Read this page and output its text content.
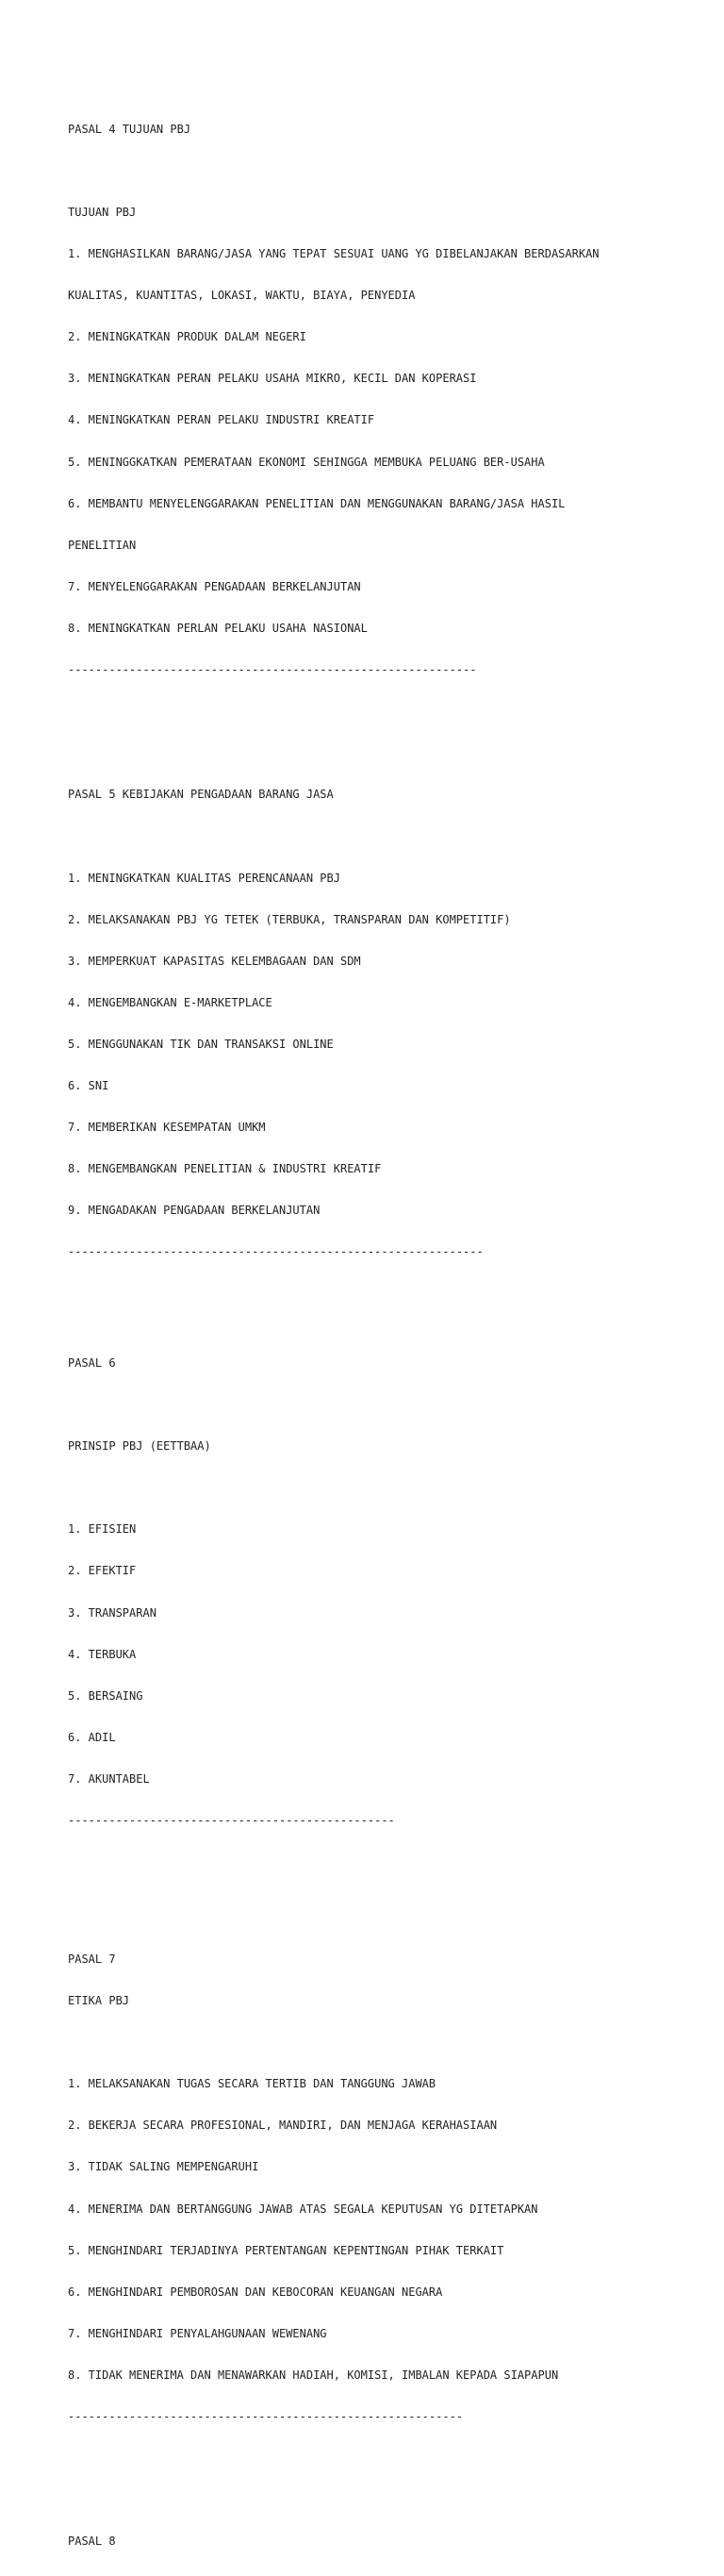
PASAL 4 TUJUAN PBJ

TUJUAN PBJ

1. MENGHASILKAN BARANG/JASA YANG TEPAT SESUAI UANG YG DIBELANJAKAN BERDASARKAN

KUALITAS, KUANTITAS, LOKASI, WAKTU, BIAYA, PENYEDIA

2. MENINGKATKAN PRODUK DALAM NEGERI

3. MENINGKATKAN PERAN PELAKU USAHA MIKRO, KECIL DAN KOPERASI

4. MENINGKATKAN PERAN PELAKU INDUSTRI KREATIF

5. MENINGGKATKAN PEMERATAAN EKONOMI SEHINGGA MEMBUKA PELUANG BER-USAHA

6. MEMBANTU MENYELENGGARAKAN PENELITIAN DAN MENGGUNAKAN BARANG/JASA HASIL

PENELITIAN

7. MENYELENGGARAKAN PENGADAAN BERKELANJUTAN

8. MENINGKATKAN PERLAN PELAKU USAHA NASIONAL

------------------------------------------------------------

PASAL 5 KEBIJAKAN PENGADAAN BARANG JASA

1. MENINGKATKAN KUALITAS PERENCANAAN PBJ

2. MELAKSANAKAN PBJ YG TETEK (TERBUKA, TRANSPARAN DAN KOMPETITIF)

3. MEMPERKUAT KAPASITAS KELEMBAGAAN DAN SDM

4. MENGEMBANGKAN E-MARKETPLACE

5. MENGGUNAKAN TIK DAN TRANSAKSI ONLINE

6. SNI

7. MEMBERIKAN KESEMPATAN UMKM

8. MENGEMBANGKAN PENELITIAN & INDUSTRI KREATIF

9. MENGADAKAN PENGADAAN BERKELANJUTAN

-------------------------------------------------------------

PASAL 6

PRINSIP PBJ (EETTBAA)

1. EFISIEN

2. EFEKTIF

3. TRANSPARAN

4. TERBUKA

5. BERSAING

6. ADIL

7. AKUNTABEL

------------------------------------------------

PASAL 7

ETIKA PBJ

1. MELAKSANAKAN TUGAS SECARA TERTIB DAN TANGGUNG JAWAB

2. BEKERJA SECARA PROFESIONAL, MANDIRI, DAN MENJAGA KERAHASIAAN

3. TIDAK SALING MEMPENGARUHI

4. MENERIMA DAN BERTANGGUNG JAWAB ATAS SEGALA KEPUTUSAN YG DITETAPKAN

5. MENGHINDARI TERJADINYA PERTENTANGAN KEPENTINGAN PIHAK TERKAIT

6. MENGHINDARI PEMBOROSAN DAN KEBOCORAN KEUANGAN NEGARA

7. MENGHINDARI PENYALAHGUNAAN WEWENANG

8. TIDAK MENERIMA DAN MENAWARKAN HADIAH, KOMISI, IMBALAN KEPADA SIAPAPUN

----------------------------------------------------------

PASAL 8
